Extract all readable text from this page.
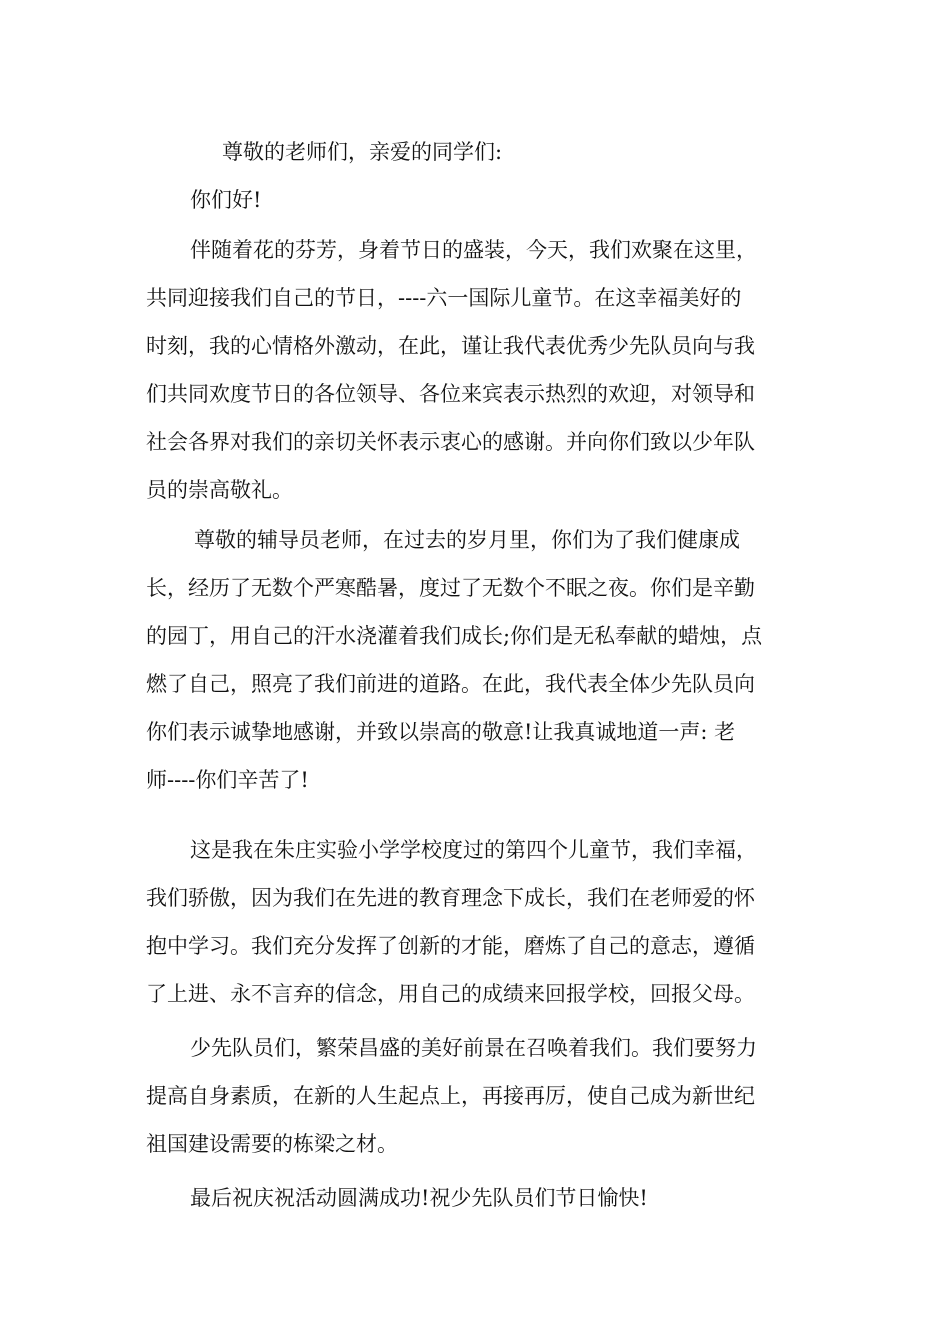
尊敬的老师们，亲爱的同学们:
你们好!
伴随着花的芬芳，身着节日的盛装，今天，我们欢聚在这里，
共同迎接我们自己的节日，----六一国际儿童节。在这幸福美好的
时刻，我的心情格外激动，在此，谨让我代表优秀少先队员向与我
们共同欢度节日的各位领导、各位来宾表示热烈的欢迎，对领导和
社会各界对我们的亲切关怀表示衷心的感谢。并向你们致以少年队
员的崇高敬礼。
尊敬的辅导员老师，在过去的岁月里，你们为了我们健康成
长，经历了无数个严寒酷暑，度过了无数个不眠之夜。你们是辛勤
的园丁，用自己的汗水浇灌着我们成长;你们是无私奉献的蜡烛，点
燃了自己，照亮了我们前进的道路。在此，我代表全体少先队员向
你们表示诚挚地感谢，并致以崇高的敬意!让我真诚地道一声: 老
师----你们辛苦了!
这是我在朱庄实验小学学校度过的第四个儿童节，我们幸福，
我们骄傲，因为我们在先进的教育理念下成长，我们在老师爱的怀
抱中学习。我们充分发挥了创新的才能，磨炼了自己的意志，遵循
了上进、永不言弃的信念，用自己的成绩来回报学校，回报父母。
少先队员们，繁荣昌盛的美好前景在召唤着我们。我们要努力
提高自身素质，在新的人生起点上，再接再厉，使自己成为新世纪
祖国建设需要的栋梁之材。
最后祝庆祝活动圆满成功!祝少先队员们节日愉快!
